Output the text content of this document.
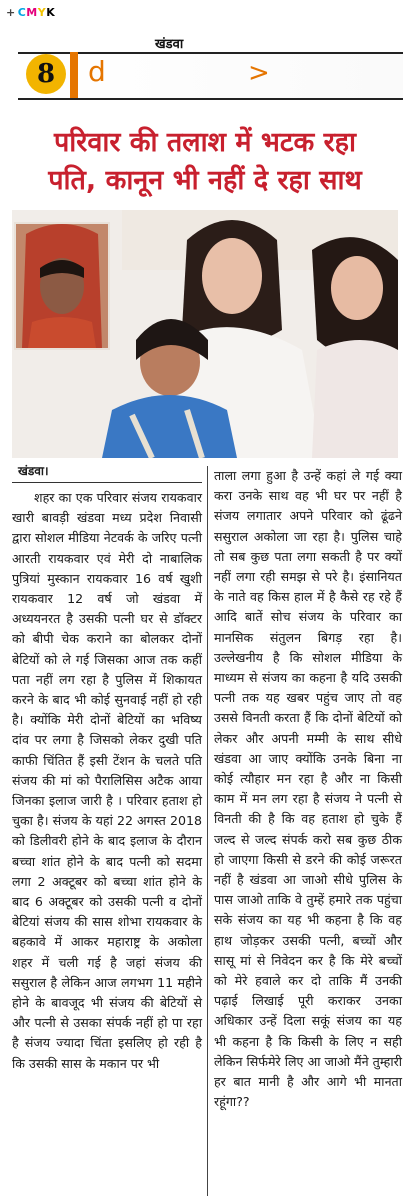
+ CMYK
खंडवा
8	d	>
परिवार की तलाश में भटक रहा
पति, कानून भी नहीं दे रहा साथ
खंडवा।
शहर का एक परिवार संजय रायकवार खारी बावड़ी खंडवा मध्य प्रदेश निवासी द्वारा सोशल मीडिया नेटवर्क के जरिए पत्नी आरती रायकवार एवं मेरी दो नाबालिक पुत्रियां मुस्कान रायकवार 16 वर्ष खुशी रायकवार 12 वर्ष जो खंडवा में अध्ययनरत है उसकी पत्नी घर से डॉक्टर को बीपी चेक कराने का बोलकर दोनों बेटियों को ले गई जिसका आज तक कहीं पता नहीं लग रहा है पुलिस में शिकायत करने के बाद भी कोई सुनवाई नहीं हो रही है। क्योंकि मेरी दोनों बेटियों का भविष्य दांव पर लगा है जिसको लेकर दुखी पति काफी चिंतित हैं इसी टेंशन के चलते पति संजय की मां को पैरालिसिस अटैक आया जिनका इलाज जारी है । परिवार हताश हो चुका है। संजय के यहां 22 अगस्त 2018 को डिलीवरी होने के बाद इलाज के दौरान बच्चा शांत होने के बाद पत्नी को सदमा लगा 2 अक्टूबर को बच्चा शांत होने के बाद 6 अक्टूबर को उसकी पत्नी व दोनों बेटियां संजय की सास शोभा रायकवार के बहकावे में आकर महाराष्ट्र के अकोला शहर में चली गई है जहां संजय की ससुराल है लेकिन आज लगभग 11 महीने होने के बावजूद भी संजय की बेटियों से और पत्नी से उसका संपर्क नहीं हो पा रहा है संजय ज्यादा चिंता इसलिए हो रही है कि उसकी सास के मकान पर भी
ताला लगा हुआ है उन्हें कहां ले गई क्या करा उनके साथ वह भी घर पर नहीं है संजय लगातार अपने परिवार को ढूंढने ससुराल अकोला जा रहा है। पुलिस चाहे तो सब कुछ पता लगा सकती है पर क्यों नहीं लगा रही समझ से परे है। इंसानियत के नाते वह किस हाल में है कैसे रह रहे हैं आदि बातें सोच संजय के परिवार का मानसिक संतुलन बिगड़ रहा है। उल्लेखनीय है कि सोशल मीडिया के माध्यम से संजय का कहना है यदि उसकी पत्नी तक यह खबर पहुंच जाए तो वह उससे विनती करता हैं कि दोनों बेटियों को लेकर और अपनी मम्मी के साथ सीधे खंडवा आ जाए क्योंकि उनके बिना ना कोई त्यौहार मन रहा है और ना किसी काम में मन लग रहा है संजय ने पत्नी से विनती की है कि वह हताश हो चुके हैं जल्द से जल्द संपर्क करो सब कुछ ठीक हो जाएगा किसी से डरने की कोई जरूरत नहीं है खंडवा आ जाओ सीधे पुलिस के पास जाओ ताकि वे तुम्हें हमारे तक पहुंचा सके संजय का यह भी कहना है कि वह हाथ जोड़कर उसकी पत्नी, बच्चों और सासू मां से निवेदन कर है कि मेरे बच्चों को मेरे हवाले कर दो ताकि मैं उनकी पढ़ाई लिखाई पूरी कराकर उनका अधिकार उन्हें दिला सकूं संजय का यह भी कहना है कि किसी के लिए न सही लेकिन सिर्फमेरे लिए आ जाओ मैंने तुम्हारी हर बात मानी है और आगे भी मानता रहूंगा??
